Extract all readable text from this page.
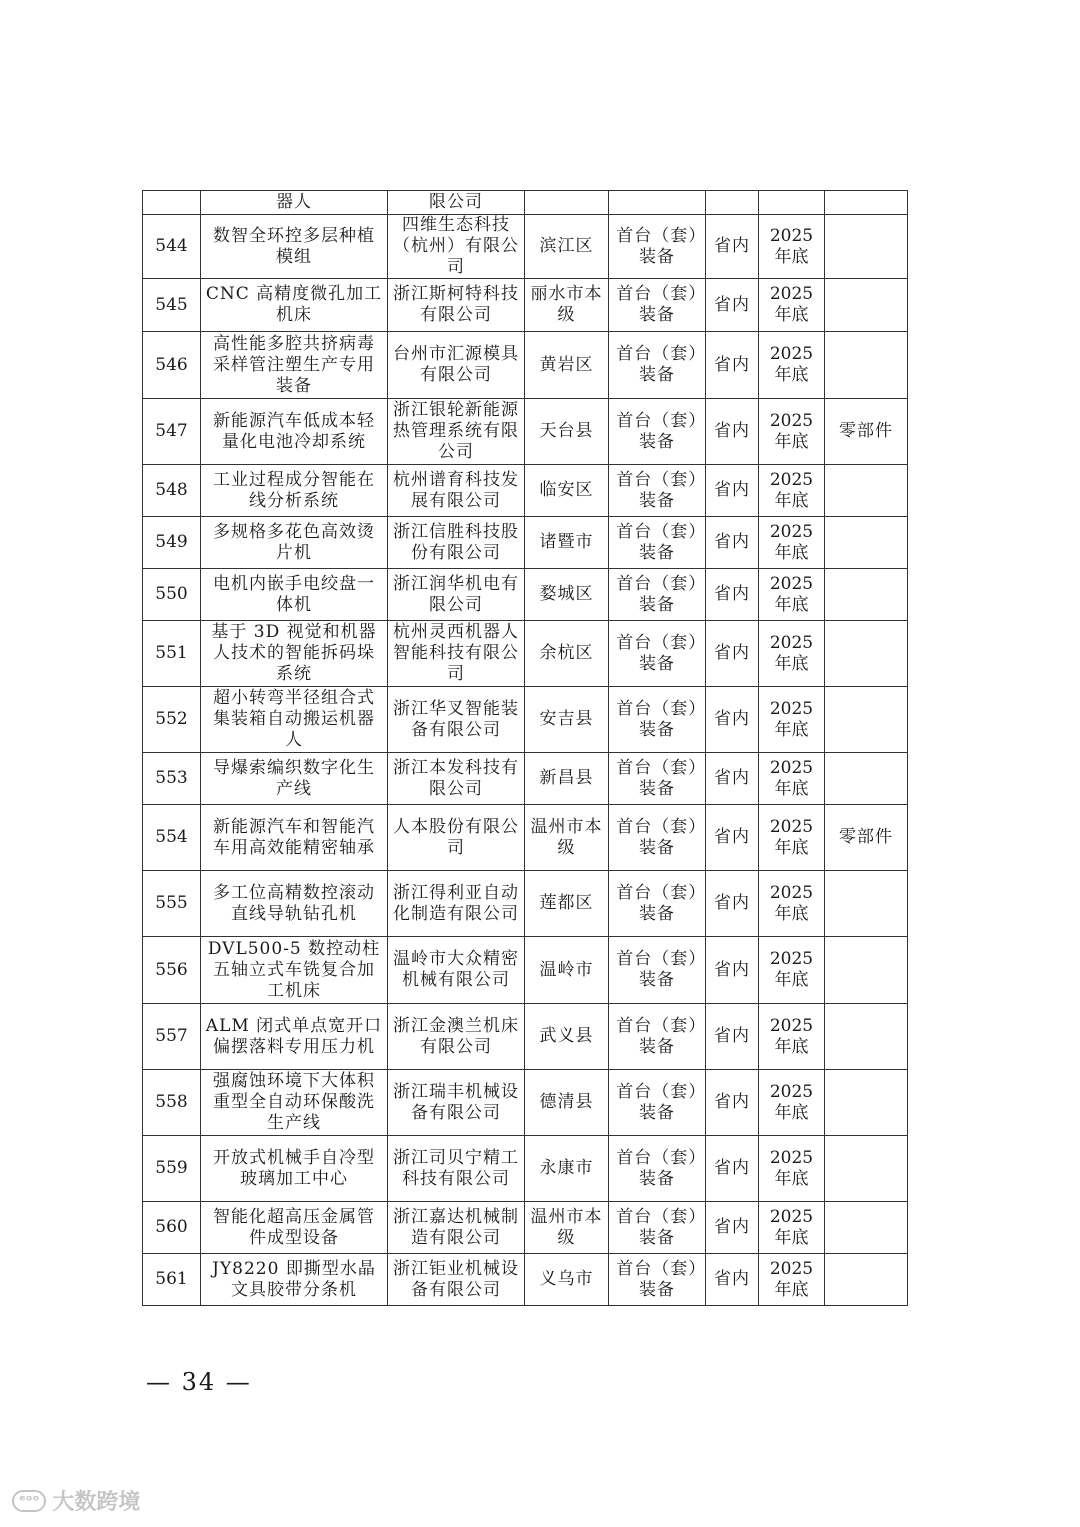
	器人	限公司					
544	数智全环控多层种植模组	四维生态科技（杭州）有限公司	滨江区	首台（套）装备	省内	2025年底	
545	CNC 高精度微孔加工机床	浙江斯柯特科技有限公司	丽水市本级	首台（套）装备	省内	2025年底	
546	高性能多腔共挤病毒采样管注塑生产专用装备	台州市汇源模具有限公司	黄岩区	首台（套）装备	省内	2025年底	
547	新能源汽车低成本轻量化电池冷却系统	浙江银轮新能源热管理系统有限公司	天台县	首台（套）装备	省内	2025年底	零部件
548	工业过程成分智能在线分析系统	杭州谱育科技发展有限公司	临安区	首台（套）装备	省内	2025年底	
549	多规格多花色高效烫片机	浙江信胜科技股份有限公司	诸暨市	首台（套）装备	省内	2025年底	
550	电机内嵌手电绞盘一体机	浙江润华机电有限公司	婺城区	首台（套）装备	省内	2025年底	
551	基于 3D 视觉和机器人技术的智能拆码垛系统	杭州灵西机器人智能科技有限公司	余杭区	首台（套）装备	省内	2025年底	
552	超小转弯半径组合式集装箱自动搬运机器人	浙江华叉智能装备有限公司	安吉县	首台（套）装备	省内	2025年底	
553	导爆索编织数字化生产线	浙江本发科技有限公司	新昌县	首台（套）装备	省内	2025年底	
554	新能源汽车和智能汽车用高效能精密轴承	人本股份有限公司	温州市本级	首台（套）装备	省内	2025年底	零部件
555	多工位高精数控滚动直线导轨钻孔机	浙江得利亚自动化制造有限公司	莲都区	首台（套）装备	省内	2025年底	
556	DVL500-5 数控动柱五轴立式车铣复合加工机床	温岭市大众精密机械有限公司	温岭市	首台（套）装备	省内	2025年底	
557	ALM 闭式单点宽开口偏摆落料专用压力机	浙江金澳兰机床有限公司	武义县	首台（套）装备	省内	2025年底	
558	强腐蚀环境下大体积重型全自动环保酸洗生产线	浙江瑞丰机械设备有限公司	德清县	首台（套）装备	省内	2025年底	
559	开放式机械手自冷型玻璃加工中心	浙江司贝宁精工科技有限公司	永康市	首台（套）装备	省内	2025年底	
560	智能化超高压金属管件成型设备	浙江嘉达机械制造有限公司	温州市本级	首台（套）装备	省内	2025年底	
561	JY8220 即撕型水晶文具胶带分条机	浙江钜业机械设备有限公司	义乌市	首台（套）装备	省内	2025年底	
— 34 —
ᵉᵒᵒ 大数跨境
